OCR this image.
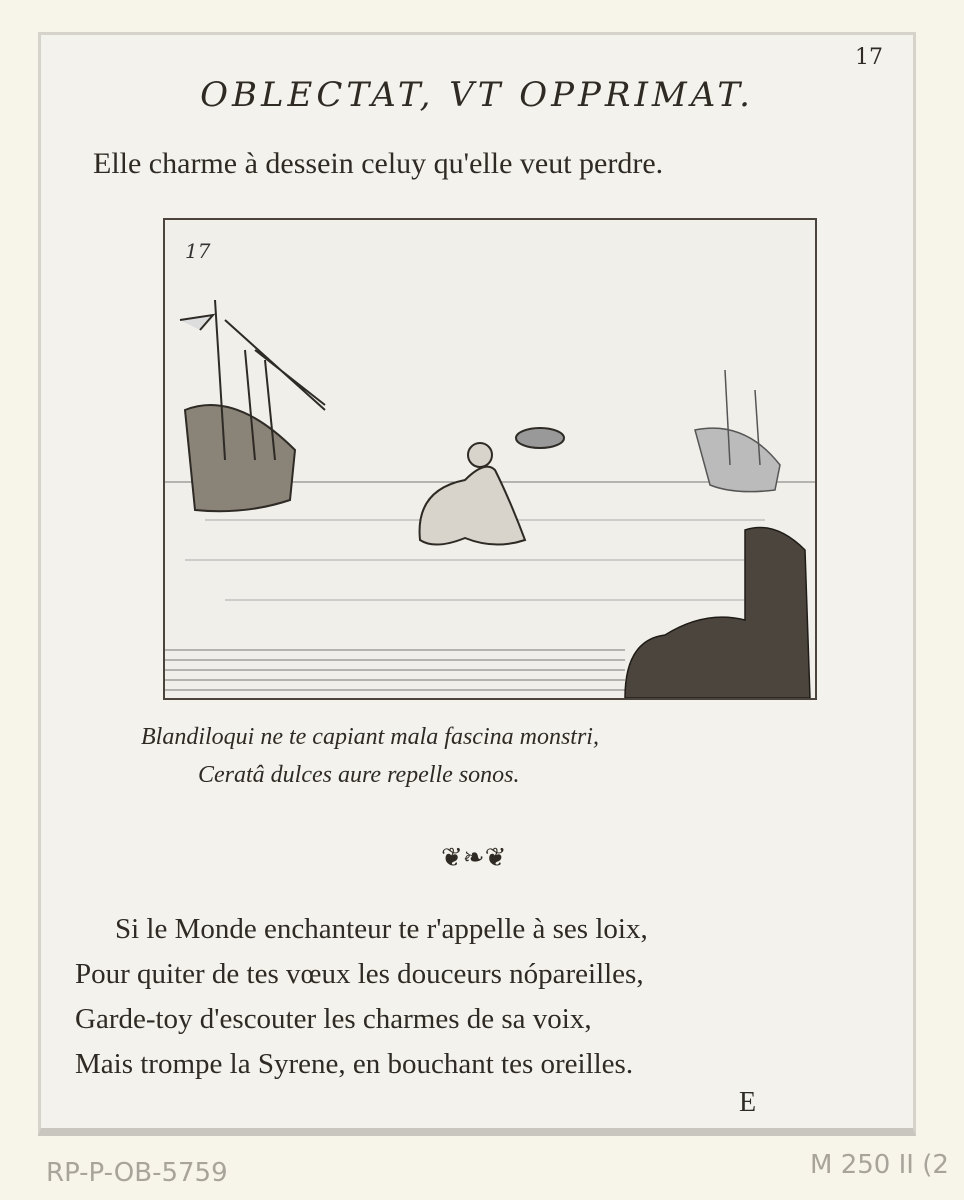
17
OBLECTAT, VT OPPRIMAT.
Elle charme à dessein celuy qu'elle veut perdre.
17
Blandiloqui ne te capiant mala fascina monstri,
Ceratâ dulces aure repelle sonos.
❦❧❦
Si le Monde enchanteur te r'appelle à ses loix,
Pour quiter de tes vœux les douceurs nópareilles,
Garde-toy d'escouter les charmes de sa voix,
Mais trompe la Syrene, en bouchant tes oreilles.
E
RP-P-OB-5759	M 250 II (2
